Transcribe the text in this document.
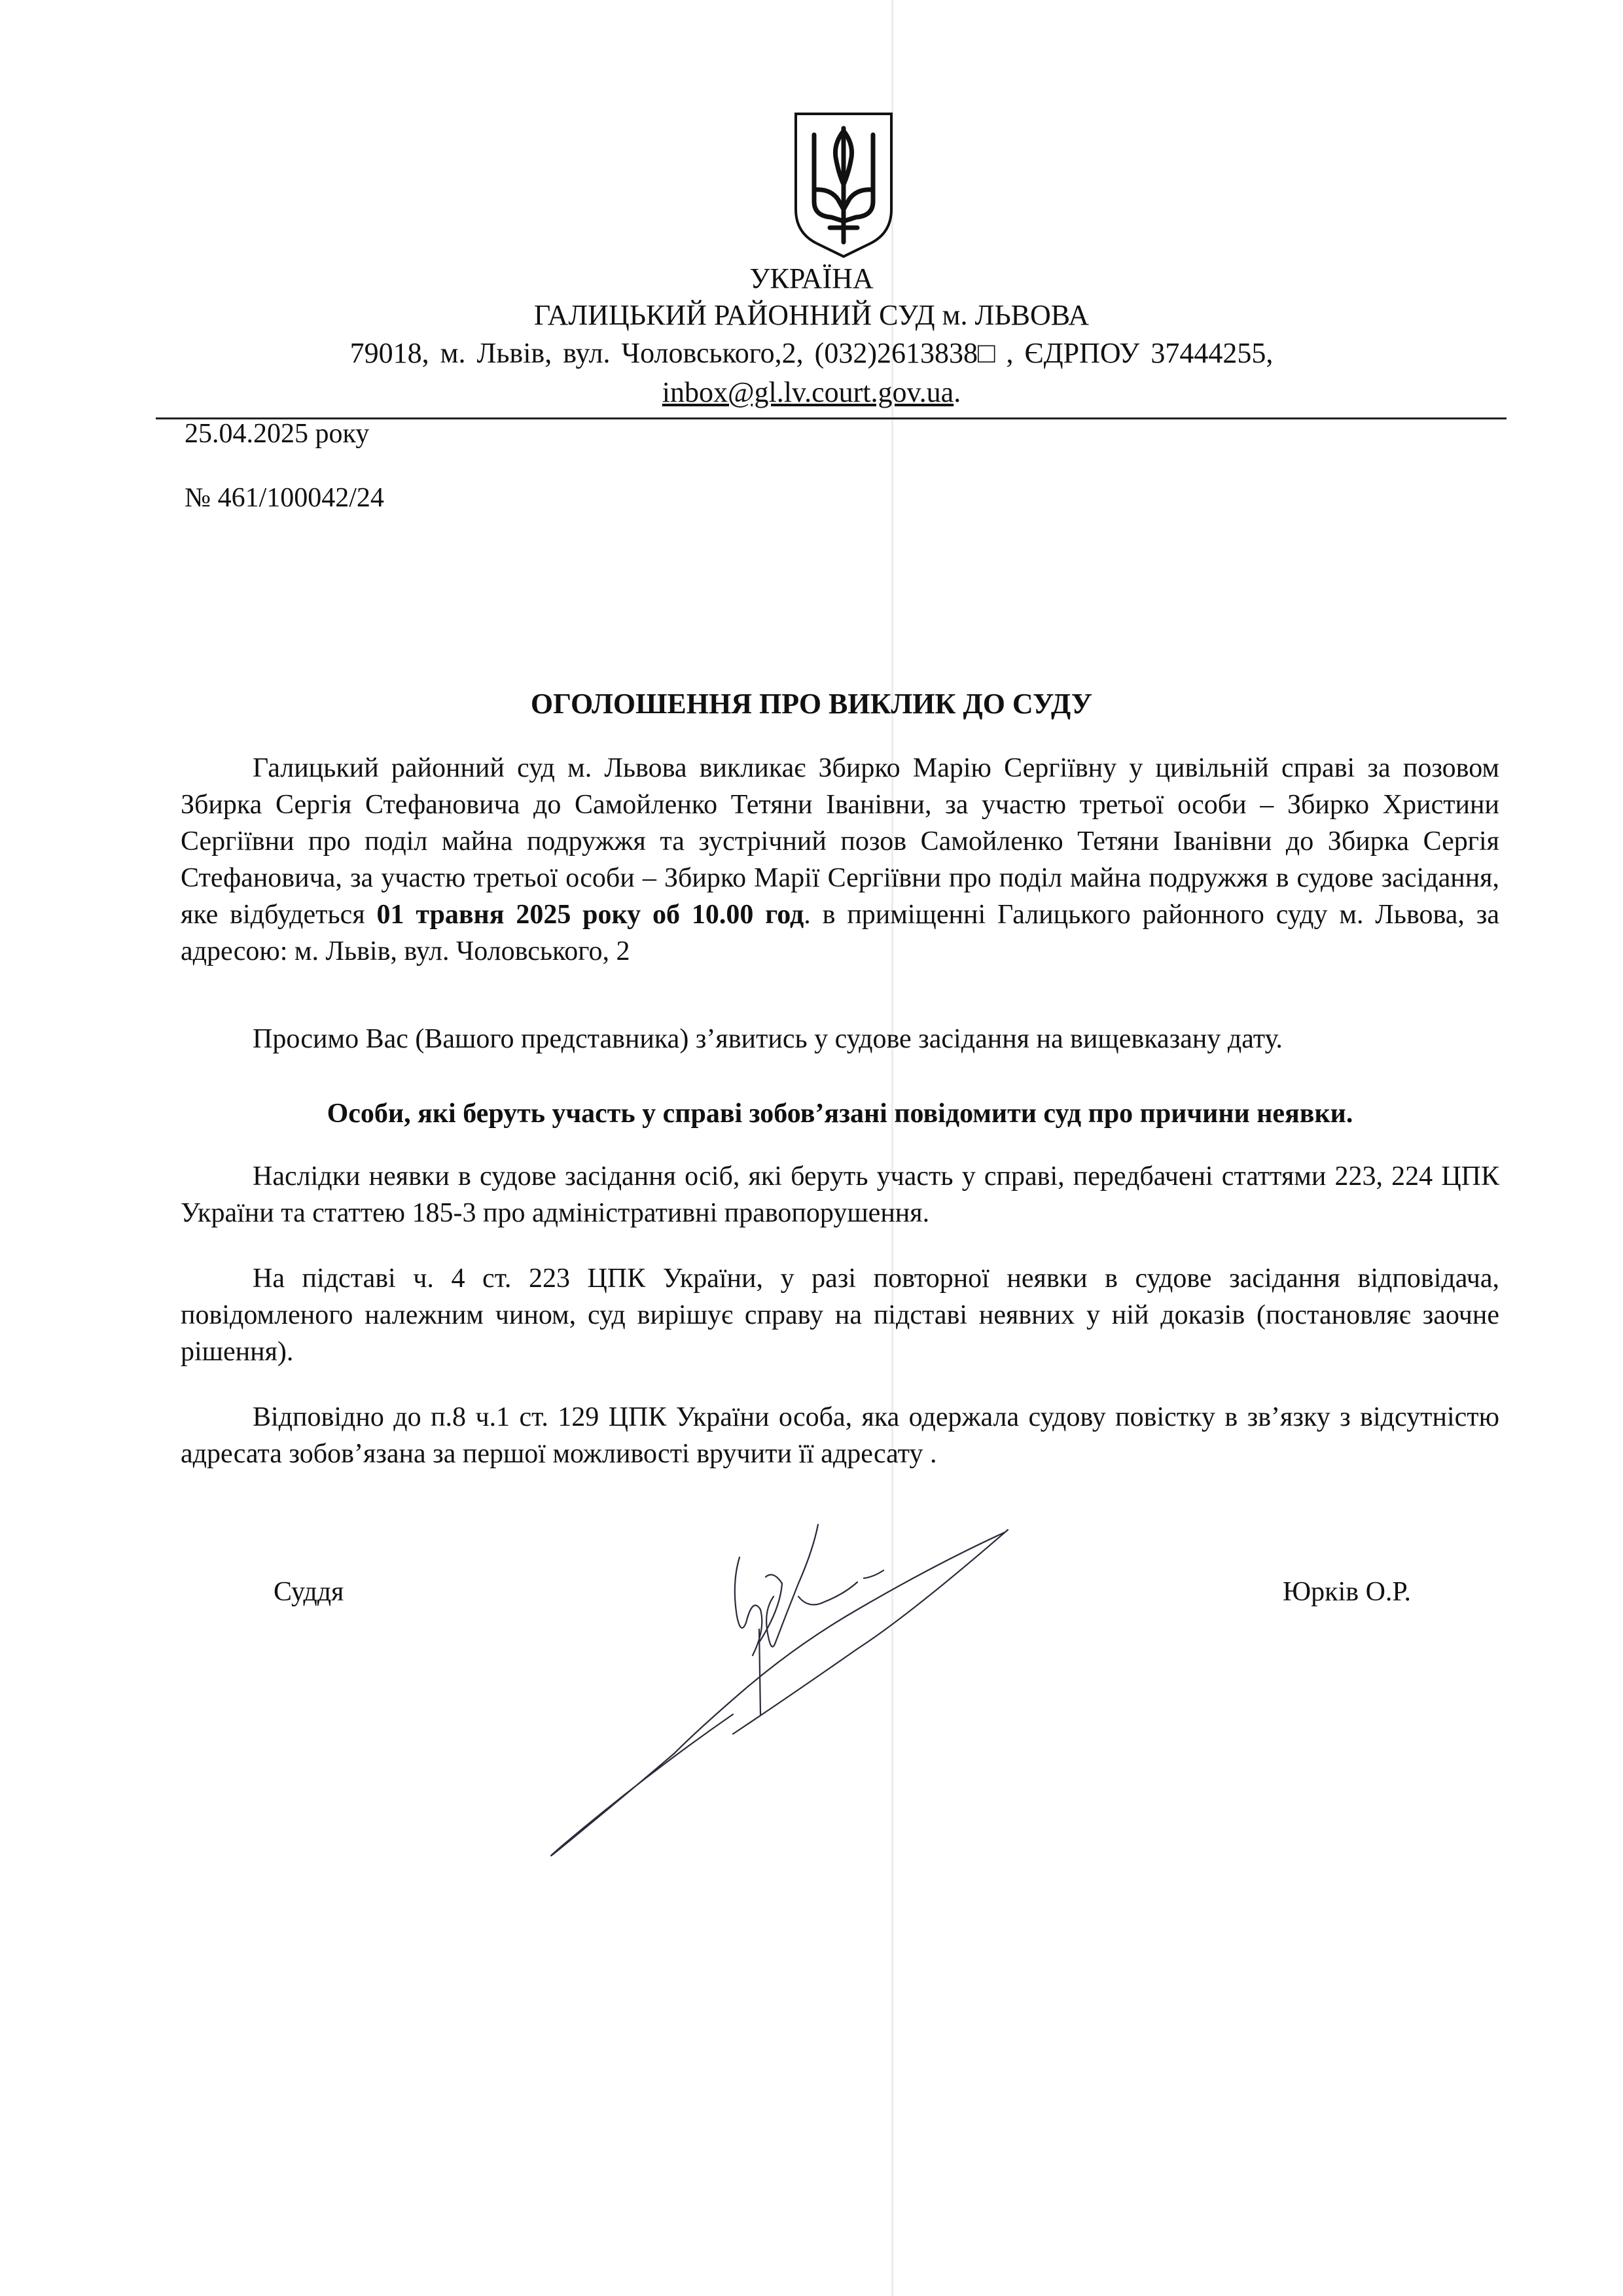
УКРАЇНА
ГАЛИЦЬКИЙ РАЙОННИЙ СУД м. ЛЬВОВА
79018, м. Львів, вул. Чоловського,2, (032)2613838□ , ЄДРПОУ 37444255,
inbox@gl.lv.court.gov.ua.
25.04.2025 року
№ 461/100042/24
ОГОЛОШЕННЯ ПРО ВИКЛИК ДО СУДУ

Галицький районний суд м. Львова викликає Збирко Марію Сергіївну у цивільній справі за позовом Збирка Сергія Стефановича до Самойленко Тетяни Іванівни, за участю третьої особи – Збирко Христини Сергіївни про поділ майна подружжя та зустрічний позов Самойленко Тетяни Іванівни до Збирка Сергія Стефановича, за участю третьої особи – Збирко Марії Сергіївни про поділ майна подружжя в судове засідання, яке відбудеться 01 травня 2025 року об 10.00 год. в приміщенні Галицького районного суду м. Львова, за адресою: м. Львів, вул. Чоловського, 2

Просимо Вас (Вашого представника) з’явитись у судове засідання на вищевказану дату.

Особи, які беруть участь у справі зобов’язані повідомити суд про причини неявки.

Наслідки неявки в судове засідання осіб, які беруть участь у справі, передбачені статтями 223, 224 ЦПК України та статтею 185-3 про адміністративні правопорушення.

На підставі ч. 4 ст. 223 ЦПК України, у разі повторної неявки в судове засідання відповідача, повідомленого належним чином, суд вирішує справу на підставі неявних у ній доказів (постановляє заочне рішення).

Відповідно до п.8 ч.1 ст. 129 ЦПК України особа, яка одержала судову повістку в зв’язку з відсутністю адресата зобов’язана за першої можливості вручити її адресату .

Суддя	Юрків О.Р.
